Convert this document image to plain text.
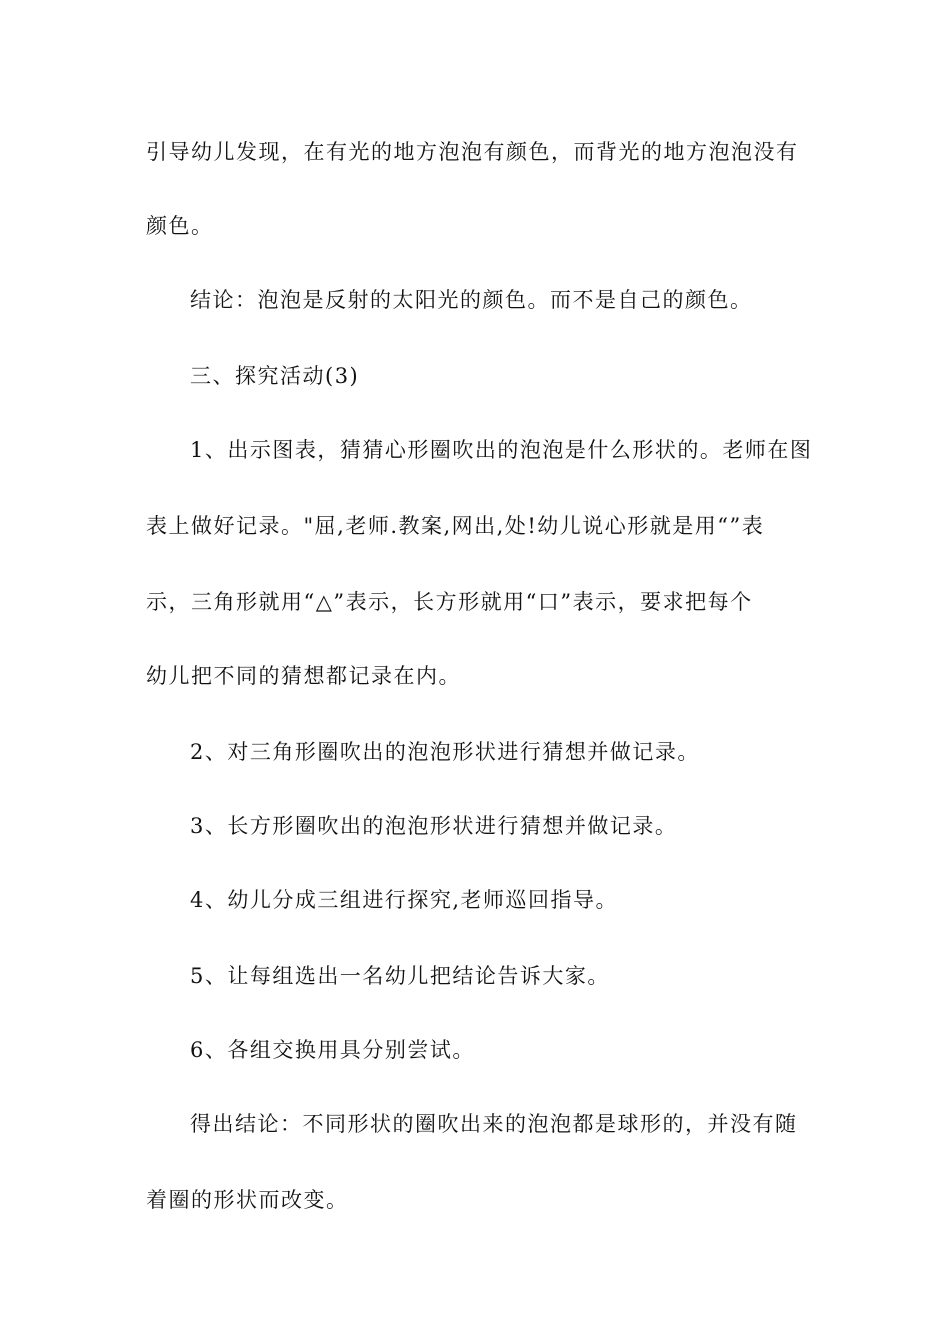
引导幼儿发现，在有光的地方泡泡有颜色，而背光的地方泡泡没有
颜色。
结论：泡泡是反射的太阳光的颜色。而不是自己的颜色。
三、探究活动(3)
1、出示图表，猜猜心形圈吹出的泡泡是什么形状的。老师在图
表上做好记录。"屈,老师.教案,网出,处!幼儿说心形就是用“”表
示，三角形就用“△”表示，长方形就用“口”表示，要求把每个
幼儿把不同的猜想都记录在内。
2、对三角形圈吹出的泡泡形状进行猜想并做记录。
3、长方形圈吹出的泡泡形状进行猜想并做记录。
4、幼儿分成三组进行探究,老师巡回指导。
5、让每组选出一名幼儿把结论告诉大家。
6、各组交换用具分别尝试。
得出结论：不同形状的圈吹出来的泡泡都是球形的，并没有随
着圈的形状而改变。
